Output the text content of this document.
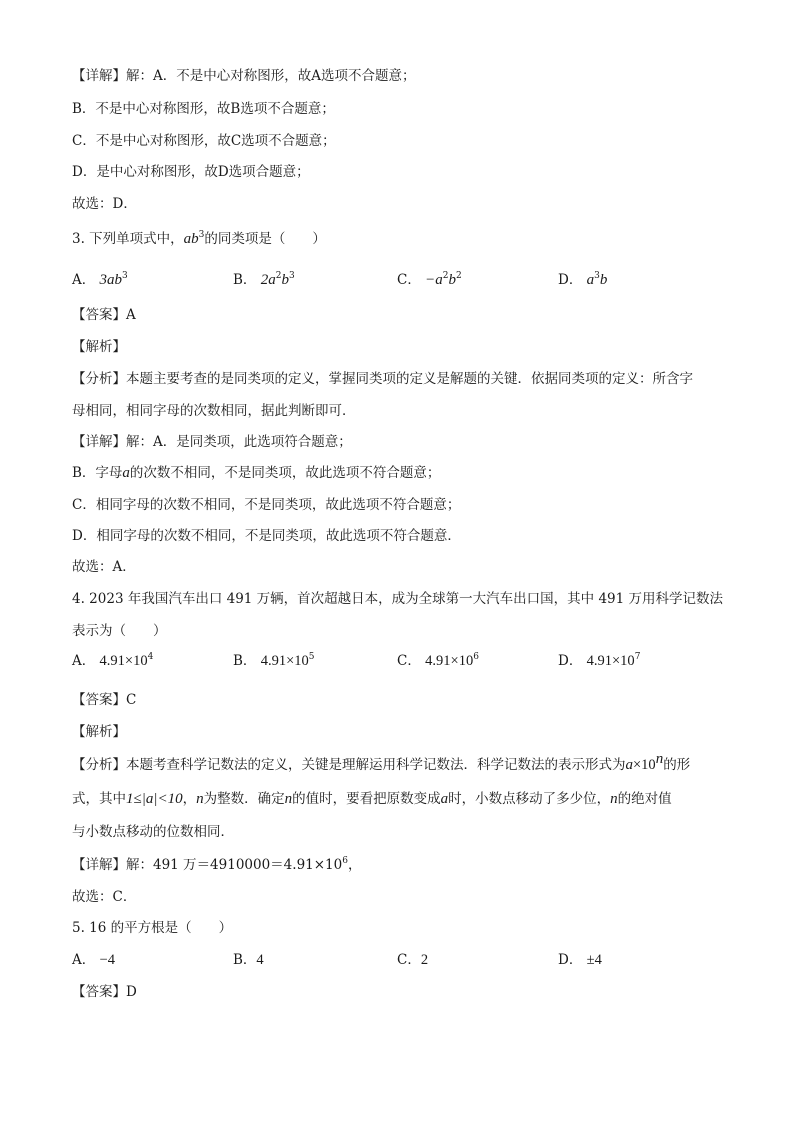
【详解】解：A．不是中心对称图形，故A选项不合题意；
B．不是中心对称图形，故B选项不合题意；
C．不是中心对称图形，故C选项不合题意；
D．是中心对称图形，故D选项合题意；
故选：D．
3. 下列单项式中，$ab^3$的同类项是（　　）
A． $3ab^3$	B． $2a^2b^3$	C． $-a^2b^2$	D． $a^3b$
【答案】A
【解析】
【分析】本题主要考查的是同类项的定义，掌握同类项的定义是解题的关键．依据同类项的定义：所含字
母相同，相同字母的次数相同，据此判断即可．
【详解】解：A．是同类项，此选项符合题意；
B．字母a的次数不相同，不是同类项，故此选项不符合题意；
C．相同字母的次数不相同，不是同类项，故此选项不符合题意；
D．相同字母的次数不相同，不是同类项，故此选项不符合题意．
故选：A．
4. 2023 年我国汽车出口 491 万辆，首次超越日本，成为全球第一大汽车出口国，其中 491 万用科学记数法
表示为（　　）
A． $4.91\times 10^4$	B． $4.91\times 10^5$	C． $4.91\times 10^6$	D． $4.91\times 10^7$
【答案】C
【解析】
【分析】本题考查科学记数法的定义，关键是理解运用科学记数法．科学记数法的表示形式为$a\times 10^n$的形
式，其中1≤|a|<10，n为整数．确定n的值时，要看把原数变成a时，小数点移动了多少位，n的绝对值
与小数点移动的位数相同．
【详解】解：491 万$=4910000=4.91\times 10^6$，
故选：C．
5. 16 的平方根是（　　）
A． −4	B．4	C．2	D． ±4
【答案】D
